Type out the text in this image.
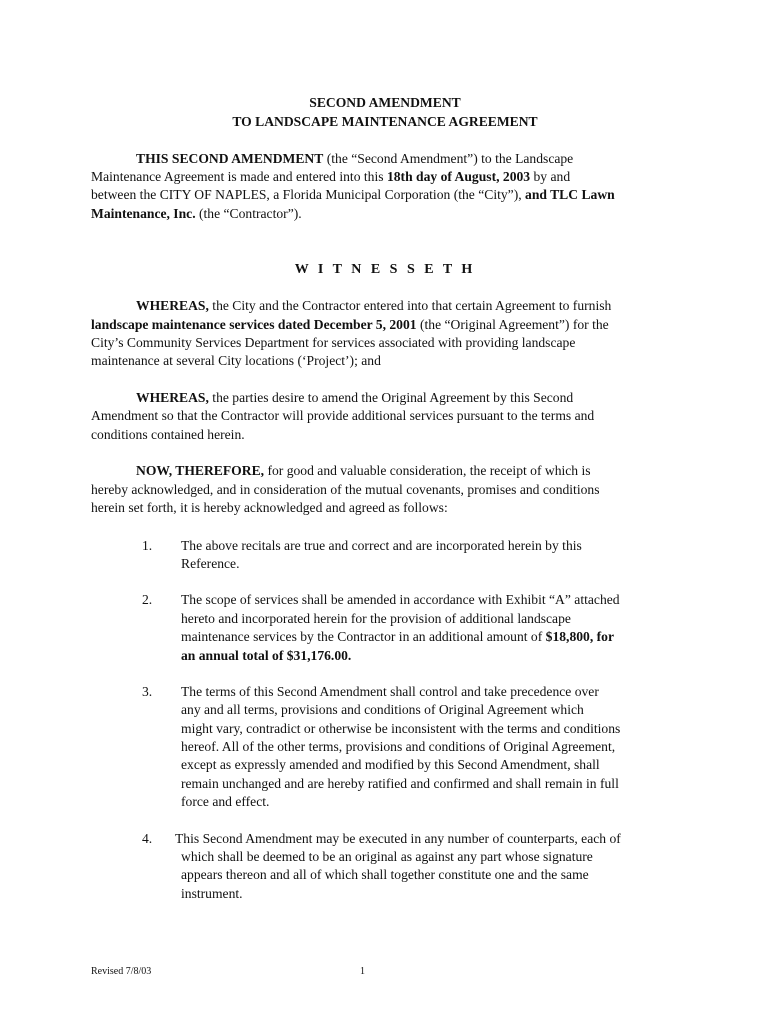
SECOND AMENDMENT
TO LANDSCAPE MAINTENANCE AGREEMENT
THIS SECOND AMENDMENT (the “Second Amendment”) to the Landscape
Maintenance Agreement is made and entered into this 18th day of August, 2003 by and
between the CITY OF NAPLES, a Florida Municipal Corporation (the “City”), and TLC Lawn
Maintenance, Inc. (the “Contractor”).
W I T N E S S E T H
WHEREAS, the City and the Contractor entered into that certain Agreement to furnish
landscape maintenance services dated December 5, 2001 (the “Original Agreement”) for the
City’s Community Services Department for services associated with providing landscape
maintenance at several City locations (‘Project’); and
WHEREAS, the parties desire to amend the Original Agreement by this Second
Amendment so that the Contractor will provide additional services pursuant to the terms and
conditions contained herein.
NOW, THEREFORE, for good and valuable consideration, the receipt of which is
hereby acknowledged, and in consideration of the mutual covenants, promises and conditions
herein set forth, it is hereby acknowledged and agreed as follows:
1. The above recitals are true and correct and are incorporated herein by this
Reference.
2. The scope of services shall be amended in accordance with Exhibit “A” attached
hereto and incorporated herein for the provision of additional landscape
maintenance services by the Contractor in an additional amount of $18,800, for
an annual total of $31,176.00.
3. The terms of this Second Amendment shall control and take precedence over
any and all terms, provisions and conditions of Original Agreement which
might vary, contradict or otherwise be inconsistent with the terms and conditions
hereof. All of the other terms, provisions and conditions of Original Agreement,
except as expressly amended and modified by this Second Amendment, shall
remain unchanged and are hereby ratified and confirmed and shall remain in full
force and effect.
4. This Second Amendment may be executed in any number of counterparts, each of
which shall be deemed to be an original as against any part whose signature
appears thereon and all of which shall together constitute one and the same
instrument.
Revised 7/8/03	1
